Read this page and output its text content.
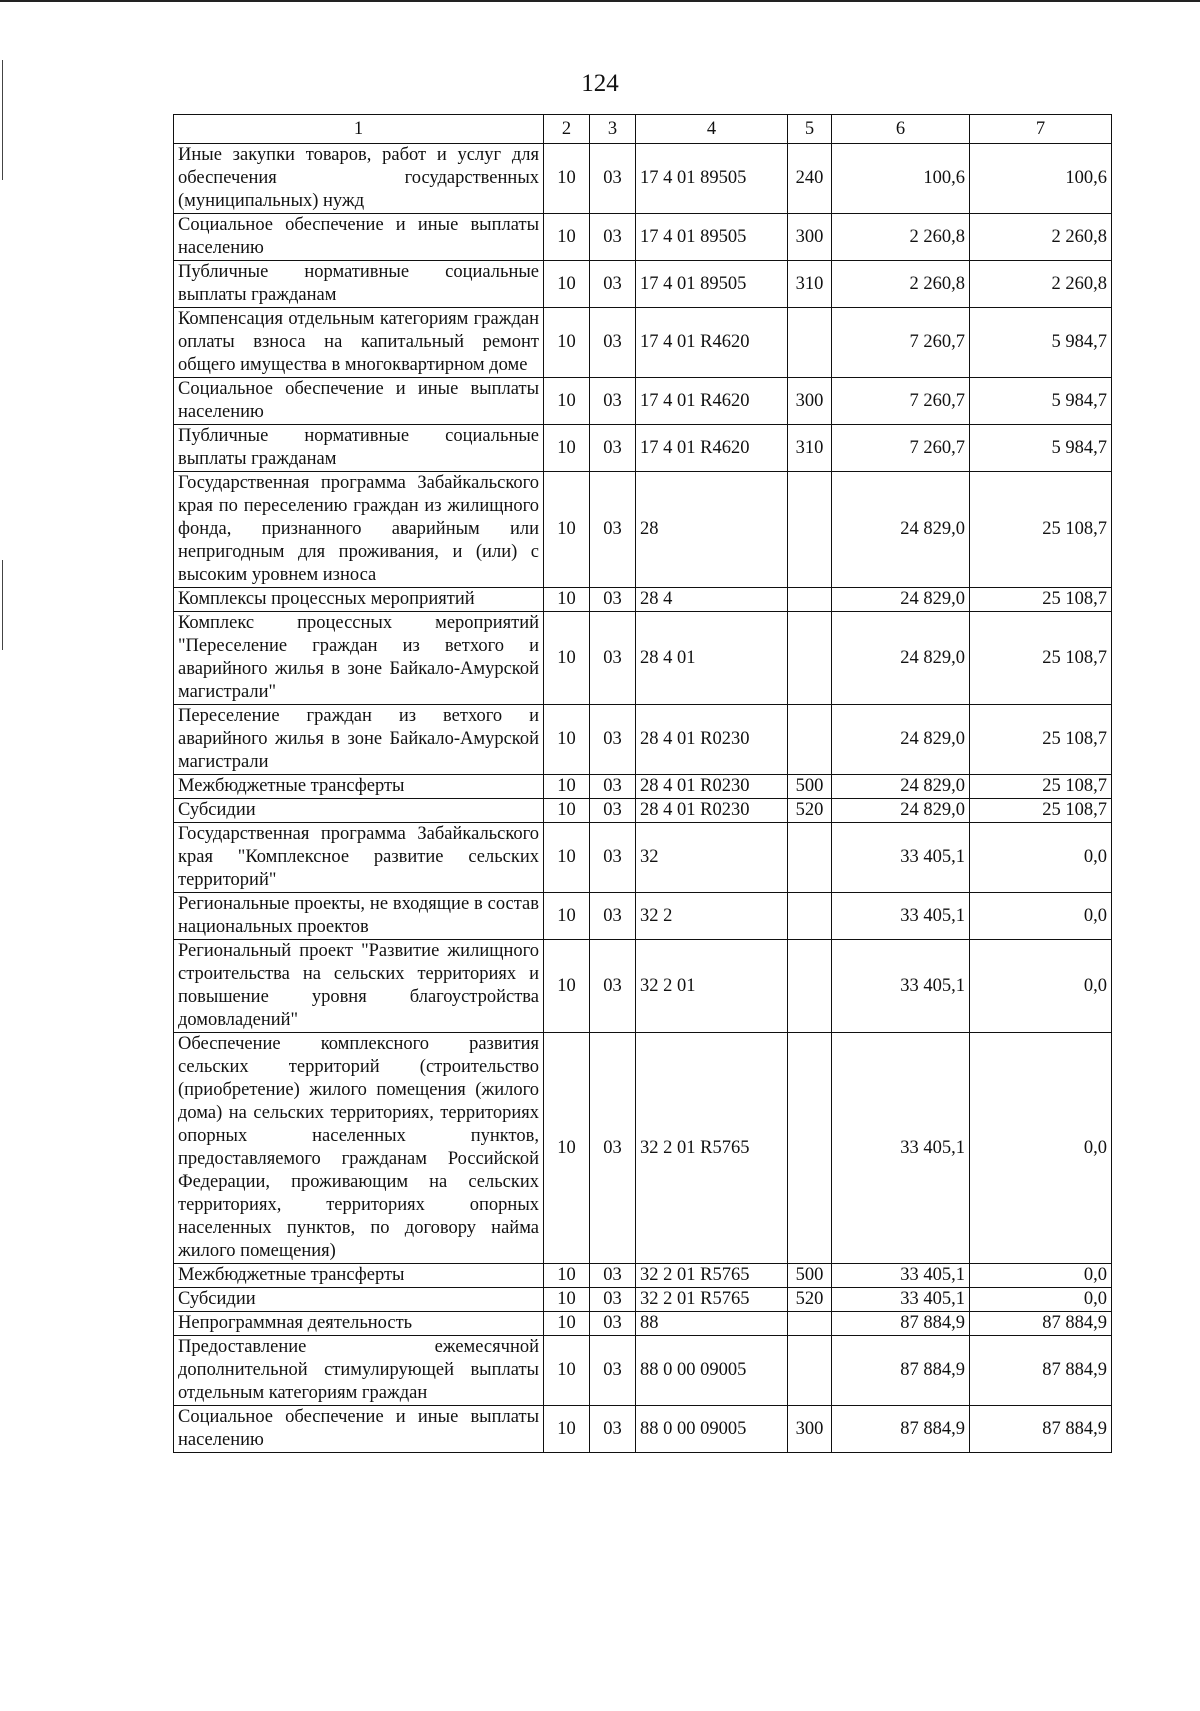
124
1	2	3	4	5	6	7
Иные закупки товаров, работ и услуг для обеспечения государственных (муниципальных) нужд	10	03	17 4 01 89505	240	100,6	100,6
Социальное обеспечение и иные выплаты населению	10	03	17 4 01 89505	300	2 260,8	2 260,8
Публичные нормативные социальные выплаты гражданам	10	03	17 4 01 89505	310	2 260,8	2 260,8
Компенсация отдельным категориям граждан оплаты взноса на капитальный ремонт общего имущества в многоквартирном доме	10	03	17 4 01 R4620		7 260,7	5 984,7
Социальное обеспечение и иные выплаты населению	10	03	17 4 01 R4620	300	7 260,7	5 984,7
Публичные нормативные социальные выплаты гражданам	10	03	17 4 01 R4620	310	7 260,7	5 984,7
Государственная программа Забайкальского края по переселению граждан из жилищного фонда, признанного аварийным или непригодным для проживания, и (или) с высоким уровнем износа	10	03	28		24 829,0	25 108,7
Комплексы процессных мероприятий	10	03	28 4		24 829,0	25 108,7
Комплекс процессных мероприятий "Переселение граждан из ветхого и аварийного жилья в зоне Байкало-Амурской магистрали"	10	03	28 4 01		24 829,0	25 108,7
Переселение граждан из ветхого и аварийного жилья в зоне Байкало-Амурской магистрали	10	03	28 4 01 R0230		24 829,0	25 108,7
Межбюджетные трансферты	10	03	28 4 01 R0230	500	24 829,0	25 108,7
Субсидии	10	03	28 4 01 R0230	520	24 829,0	25 108,7
Государственная программа Забайкальского края "Комплексное развитие сельских территорий"	10	03	32		33 405,1	0,0
Региональные проекты, не входящие в состав национальных проектов	10	03	32 2		33 405,1	0,0
Региональный проект "Развитие жилищного строительства на сельских территориях и повышение уровня благоустройства домовладений"	10	03	32 2 01		33 405,1	0,0
Обеспечение комплексного развития сельских территорий (строительство (приобретение) жилого помещения (жилого дома) на сельских территориях, территориях опорных населенных пунктов, предоставляемого гражданам Российской Федерации, проживающим на сельских территориях, территориях опорных населенных пунктов, по договору найма жилого помещения)	10	03	32 2 01 R5765		33 405,1	0,0
Межбюджетные трансферты	10	03	32 2 01 R5765	500	33 405,1	0,0
Субсидии	10	03	32 2 01 R5765	520	33 405,1	0,0
Непрограммная деятельность	10	03	88		87 884,9	87 884,9
Предоставление ежемесячной дополнительной стимулирующей выплаты отдельным категориям граждан	10	03	88 0 00 09005		87 884,9	87 884,9
Социальное обеспечение и иные выплаты населению	10	03	88 0 00 09005	300	87 884,9	87 884,9
